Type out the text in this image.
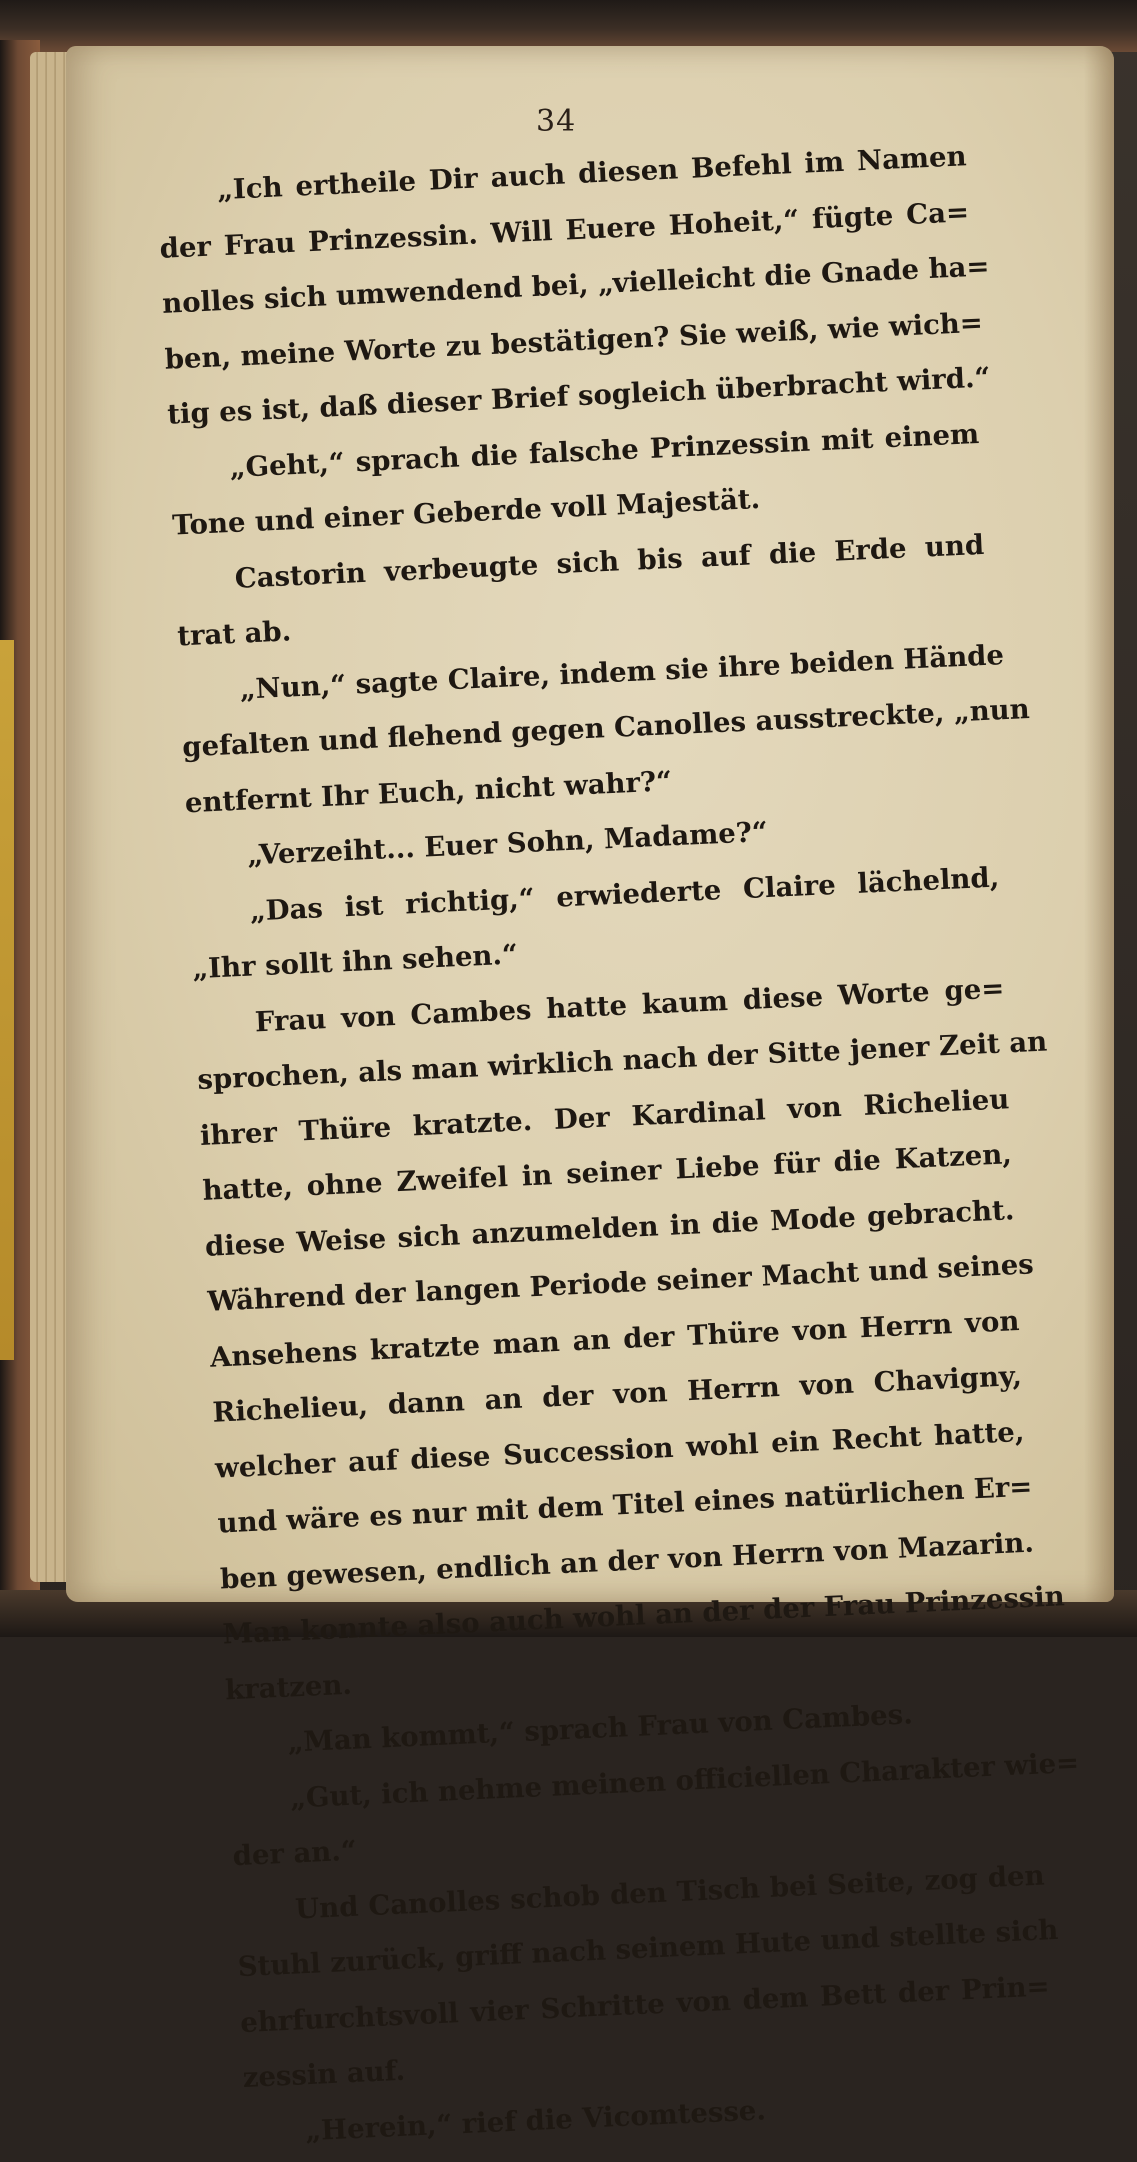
34
„Ich ertheile Dir auch diesen Befehl im Namen
der Frau Prinzessin. Will Euere Hoheit,“ fügte Ca=
nolles sich umwendend bei, „vielleicht die Gnade ha=
ben, meine Worte zu bestätigen? Sie weiß, wie wich=
tig es ist, daß dieser Brief sogleich überbracht wird.“
„Geht,“ sprach die falsche Prinzessin mit einem
Tone und einer Geberde voll Majestät.
Castorin verbeugte sich bis auf die Erde und
trat ab.
„Nun,“ sagte Claire, indem sie ihre beiden Hände
gefalten und flehend gegen Canolles ausstreckte, „nun
entfernt Ihr Euch, nicht wahr?“
„Verzeiht... Euer Sohn, Madame?“
„Das ist richtig,“ erwiederte Claire lächelnd,
„Ihr sollt ihn sehen.“
Frau von Cambes hatte kaum diese Worte ge=
sprochen, als man wirklich nach der Sitte jener Zeit an
ihrer Thüre kratzte. Der Kardinal von Richelieu
hatte, ohne Zweifel in seiner Liebe für die Katzen,
diese Weise sich anzumelden in die Mode gebracht.
Während der langen Periode seiner Macht und seines
Ansehens kratzte man an der Thüre von Herrn von
Richelieu, dann an der von Herrn von Chavigny,
welcher auf diese Succession wohl ein Recht hatte,
und wäre es nur mit dem Titel eines natürlichen Er=
ben gewesen, endlich an der von Herrn von Mazarin.
Man konnte also auch wohl an der der Frau Prinzessin
kratzen.
„Man kommt,“ sprach Frau von Cambes.
„Gut, ich nehme meinen officiellen Charakter wie=
der an.“
Und Canolles schob den Tisch bei Seite, zog den
Stuhl zurück, griff nach seinem Hute und stellte sich
ehrfurchtsvoll vier Schritte von dem Bett der Prin=
zessin auf.
„Herein,“ rief die Vicomtesse.
